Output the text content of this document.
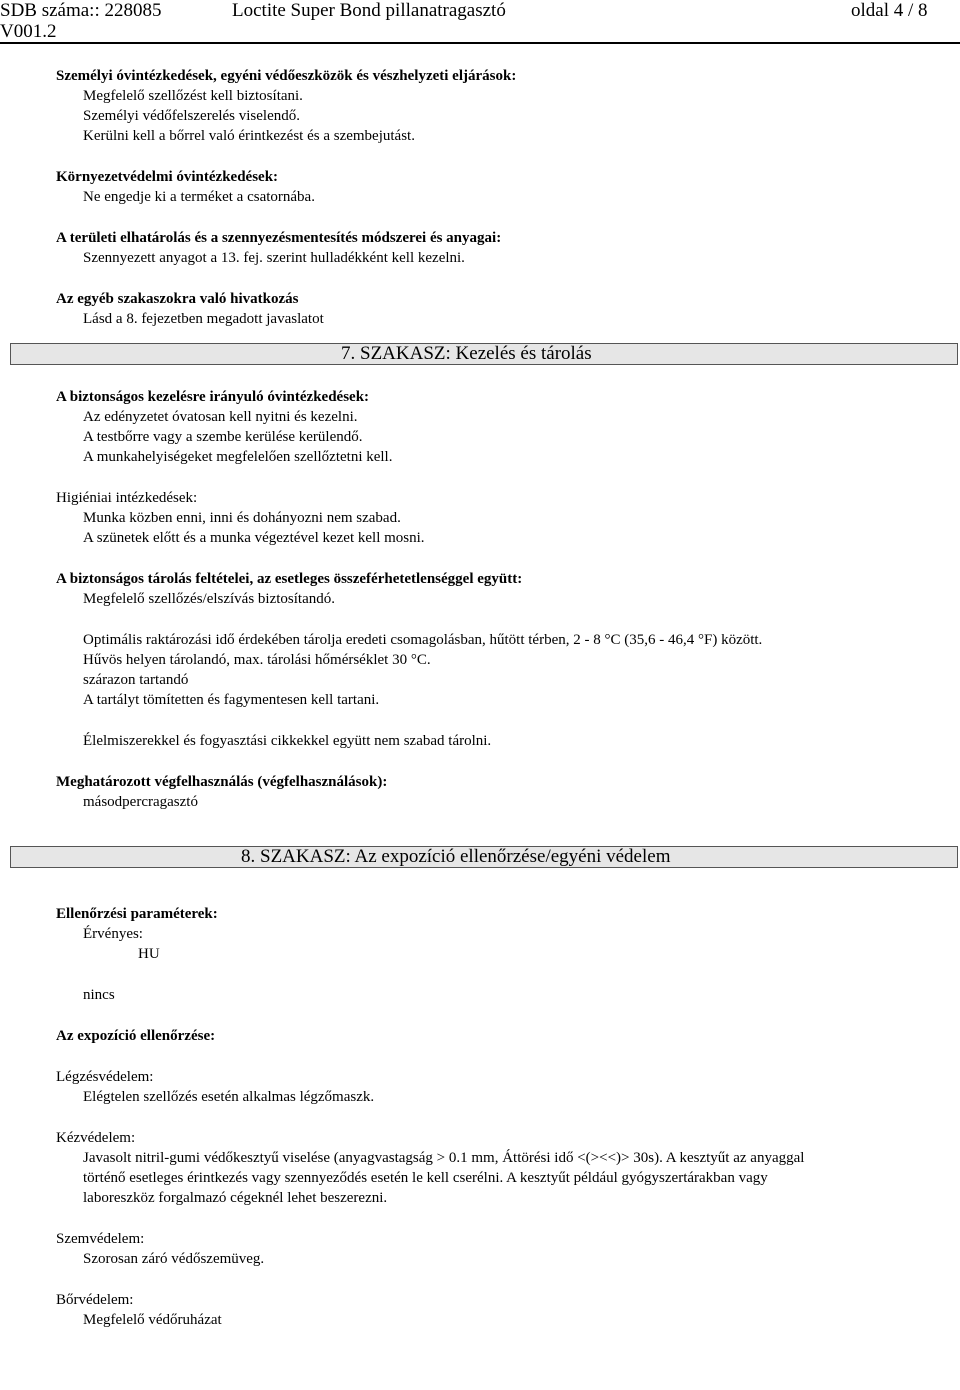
SDB száma:: 228085	Loctite Super Bond pillanatragasztó	oldal 4 / 8
V001.2

Személyi óvintézkedések, egyéni védőeszközök és vészhelyzeti eljárások:

Megfelelő szellőzést kell biztosítani.

Személyi védőfelszerelés viselendő.

Kerülni kell a bőrrel való érintkezést és a szembejutást.

Környezetvédelmi óvintézkedések:

Ne engedje ki a terméket a csatornába.

A területi elhatárolás és a szennyezésmentesítés módszerei és anyagai:

Szennyezett anyagot a 13. fej. szerint hulladékként kell kezelni.

Az egyéb szakaszokra való hivatkozás

Lásd a 8. fejezetben megadott javaslatot

7. SZAKASZ: Kezelés és tárolás

A biztonságos kezelésre irányuló óvintézkedések:

Az edényzetet óvatosan kell nyitni és kezelni.

A testbőrre vagy a szembe kerülése kerülendő.

A munkahelyiségeket megfelelően szellőztetni kell.

Higiéniai intézkedések:

Munka közben enni, inni és dohányozni nem szabad.

A szünetek előtt és a munka végeztével kezet kell mosni.

A biztonságos tárolás feltételei, az esetleges összeférhetetlenséggel együtt:

Megfelelő szellőzés/elszívás biztosítandó.

Optimális raktározási idő érdekében tárolja eredeti csomagolásban, hűtött térben, 2 - 8 °C (35,6 - 46,4 °F) között.

Hűvös helyen tárolandó, max. tárolási hőmérséklet 30 °C.

szárazon tartandó

A tartályt tömítetten és fagymentesen kell tartani.

Élelmiszerekkel és fogyasztási cikkekkel együtt nem szabad tárolni.

Meghatározott végfelhasználás (végfelhasználások):

másodpercragasztó

8. SZAKASZ: Az expozíció ellenőrzése/egyéni védelem

Ellenőrzési paraméterek:

Érvényes:

HU

nincs

Az expozíció ellenőrzése:

Légzésvédelem:

Elégtelen szellőzés esetén alkalmas légzőmaszk.

Kézvédelem:

Javasolt nitril-gumi védőkesztyű viselése (anyagvastagság > 0.1 mm, Áttörési idő <(><<)> 30s). A kesztyűt az anyaggal

történő esetleges érintkezés vagy szennyeződés esetén le kell cserélni. A kesztyűt például gyógyszertárakban vagy

laboreszköz forgalmazó cégeknél lehet beszerezni.

Szemvédelem:

Szorosan záró védőszemüveg.

Bőrvédelem:

Megfelelő védőruházat
